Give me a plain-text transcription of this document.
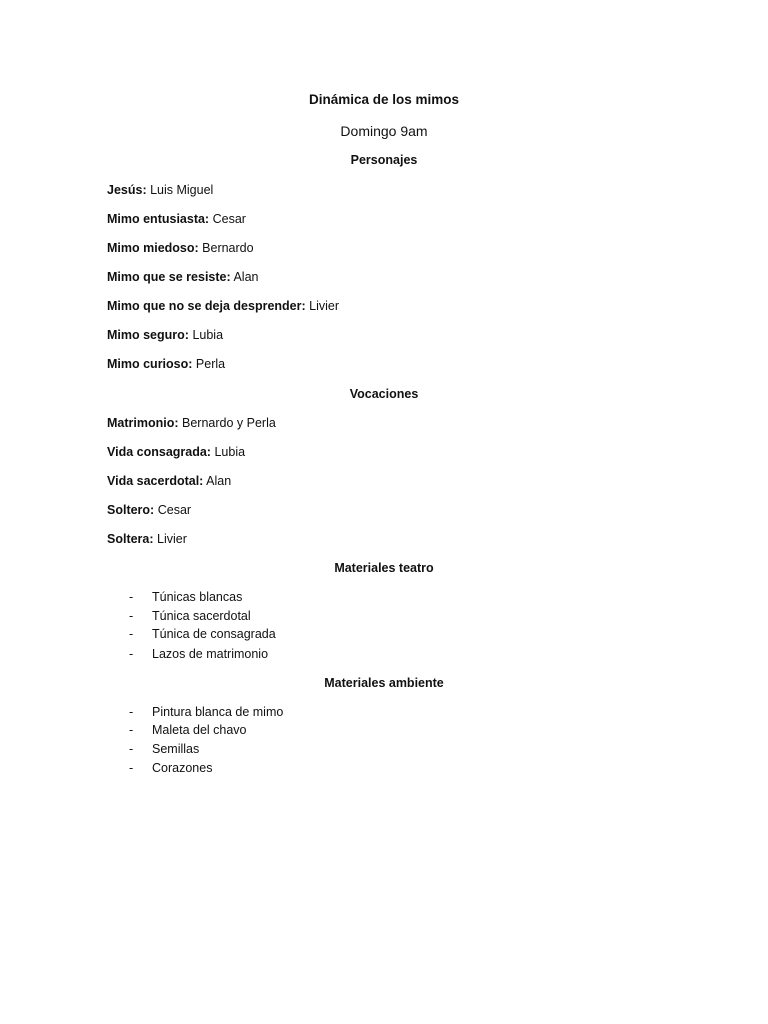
Dinámica de los mimos
Domingo 9am
Personajes
Jesús: Luis Miguel
Mimo entusiasta: Cesar
Mimo miedoso: Bernardo
Mimo que se resiste: Alan
Mimo que no se deja desprender: Livier
Mimo seguro: Lubia
Mimo curioso: Perla
Vocaciones
Matrimonio: Bernardo y Perla
Vida consagrada: Lubia
Vida sacerdotal: Alan
Soltero: Cesar
Soltera: Livier
Materiales teatro
- Túnicas blancas
- Túnica sacerdotal
- Túnica de consagrada
- Lazos de matrimonio
Materiales ambiente
- Pintura blanca de mimo
- Maleta del chavo
- Semillas
- Corazones
